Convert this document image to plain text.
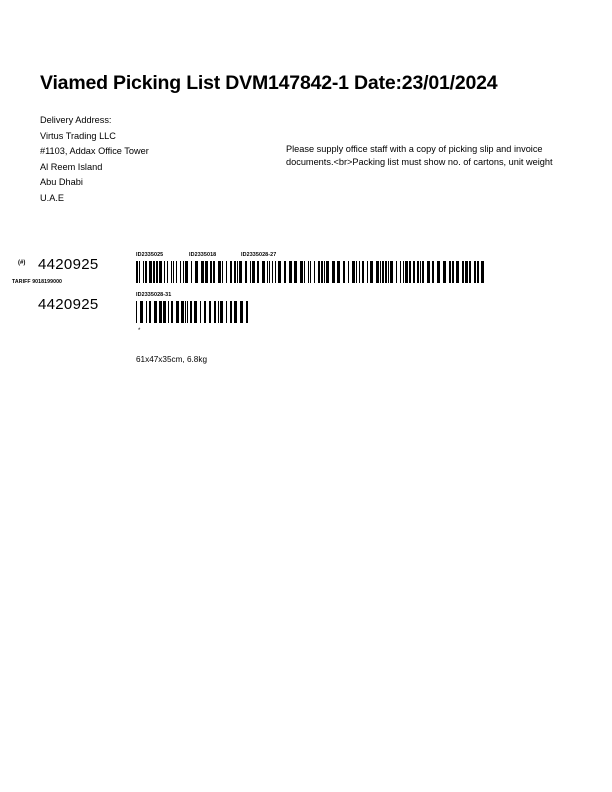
Viamed Picking List DVM147842-1 Date:23/01/2024
Delivery Address:
Virtus Trading LLC
#1103, Addax Office Tower
Al Reem Island
Abu Dhabi
U.A.E
Please supply office staff with a copy of picking slip and invoice
documents.<br>Packing list must show no. of cartons, unit weight
(#) 4420925
TARIFF 9018199000
ID2335025	ID2335018	ID2335028-27
4420925
ID2335028-31
*
61x47x35cm, 6.8kg
